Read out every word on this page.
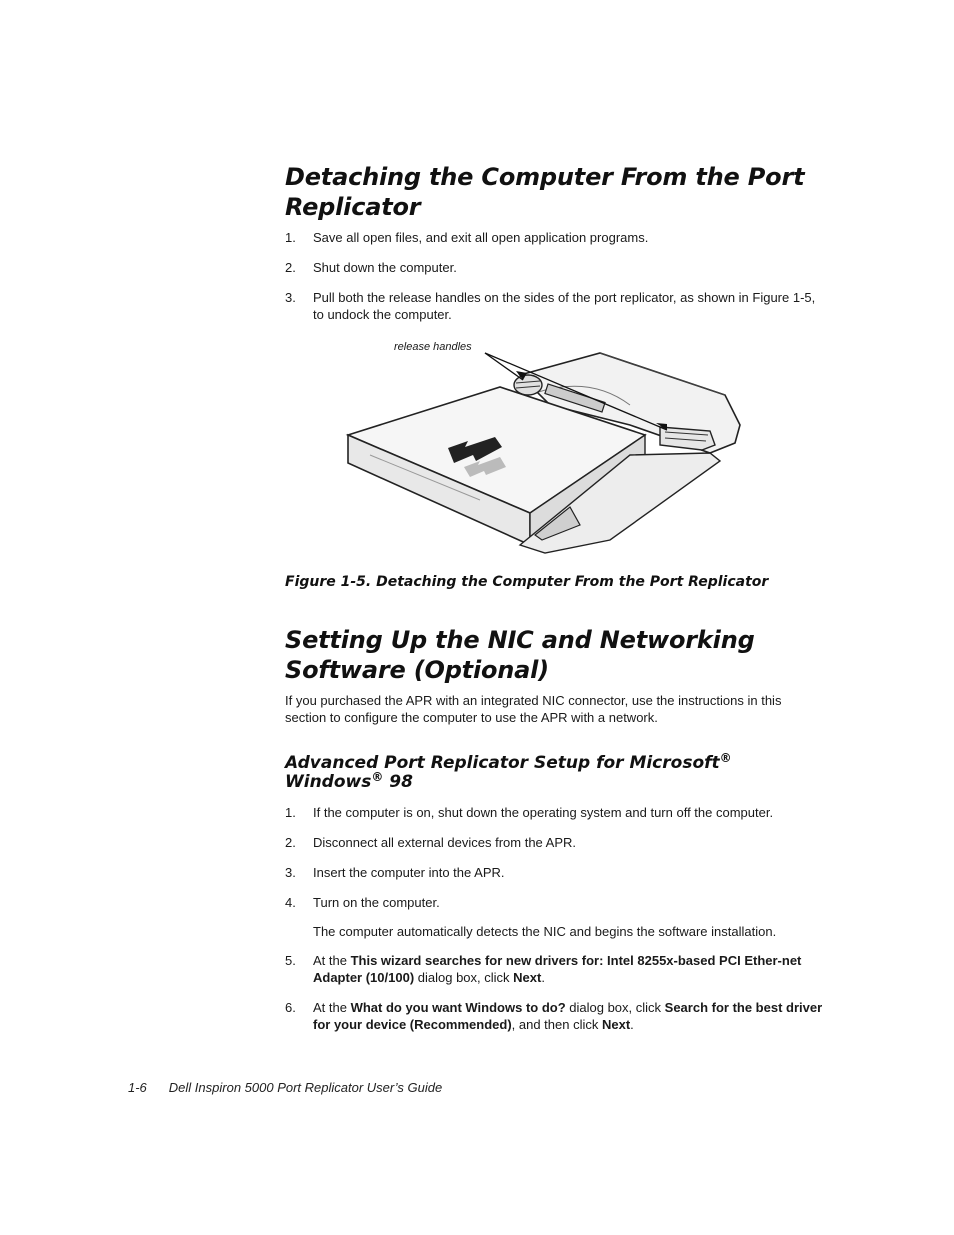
Detaching the Computer From the Port
Replicator
1. Save all open files, and exit all open application programs.
2. Shut down the computer.
3. Pull both the release handles on the sides of the port replicator, as shown in Figure 1-5, to undock the computer.
release handles

Figure 1-5. Detaching the Computer From the Port Replicator

Setting Up the NIC and Networking
Software (Optional)

If you purchased the APR with an integrated NIC connector, use the instructions in this section to configure the computer to use the APR with a network.

Advanced Port Replicator Setup for Microsoft®
Windows® 98
1. If the computer is on, shut down the operating system and turn off the computer.
2. Disconnect all external devices from the APR.
3. Insert the computer into the APR.
4. Turn on the computer.
The computer automatically detects the NIC and begins the software installation.
5. At the This wizard searches for new drivers for: Intel 8255x-based PCI Ether-net Adapter (10/100) dialog box, click Next.
6. At the What do you want Windows to do? dialog box, click Search for the best driver for your device (Recommended), and then click Next.
1-6 Dell Inspiron 5000 Port Replicator User’s Guide
